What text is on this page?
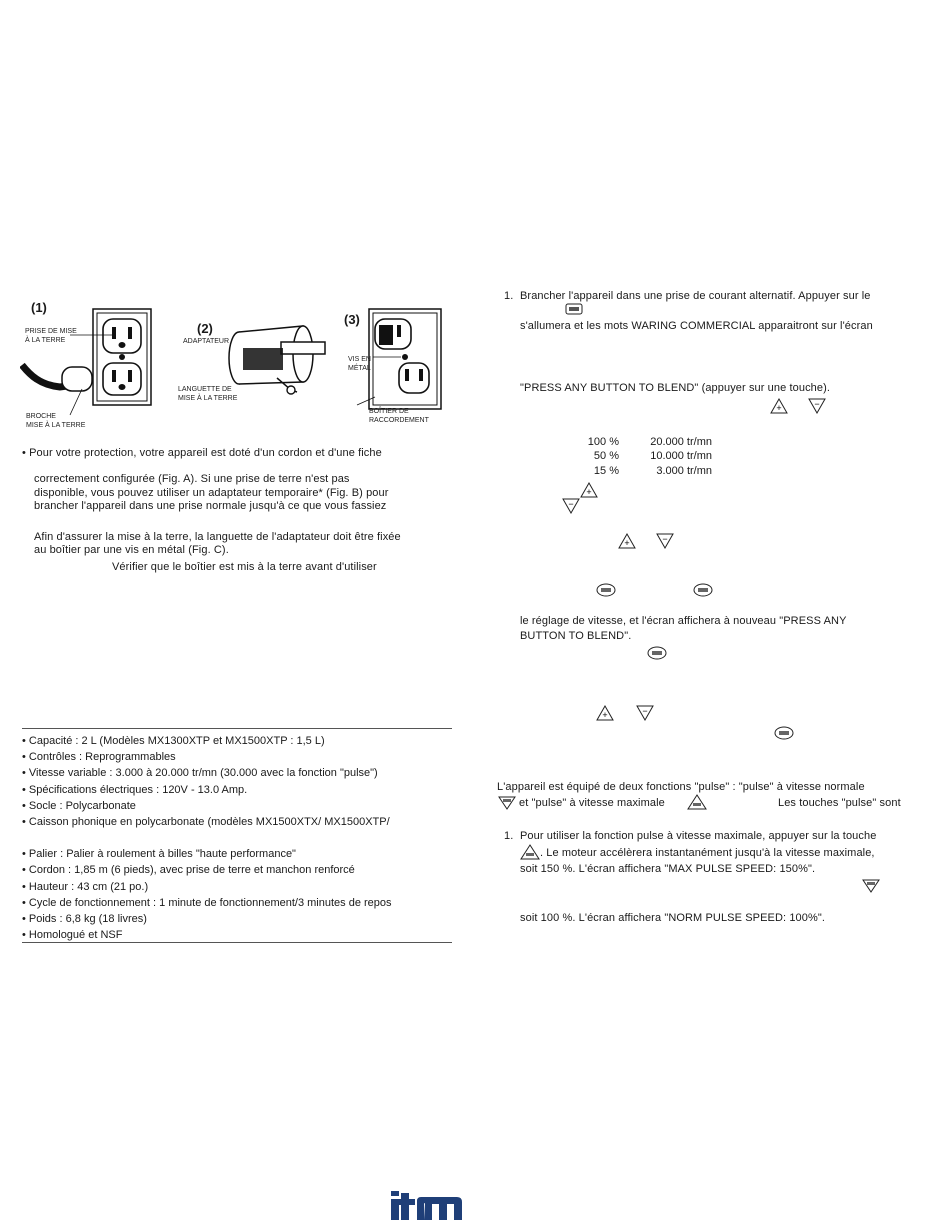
(1)
PRISE DE MISE
À LA TERRE
BROCHE
MISE À LA TERRE
(2)
ADAPTATEUR
LANGUETTE DE
MISE À LA TERRE
(3)
VIS EN
MÉTAL
BOÎTIER DE
RACCORDEMENT
• Pour votre protection, votre appareil est doté d'un cordon et d'une fiche
correctement configurée (Fig. A). Si une prise de terre n'est pas
disponible, vous pouvez utiliser un adaptateur temporaire* (Fig. B) pour
brancher l'appareil dans une prise normale jusqu'à ce que vous fassiez
Afin d'assurer la mise à la terre, la languette de l'adaptateur doit être fixée
au boîtier par une vis en métal (Fig. C).
Vérifier que le boîtier est mis à la terre avant d'utiliser
• Capacité : 2 L (Modèles MX1300XTP et MX1500XTP : 1,5 L)
• Contrôles : Reprogrammables
• Vitesse variable : 3.000 à 20.000 tr/mn (30.000 avec la fonction "pulse")
• Spécifications électriques : 120V - 13.0 Amp.
• Socle : Polycarbonate
• Caisson phonique en polycarbonate (modèles MX1500XTX/ MX1500XTP/
• Palier : Palier à roulement à billes "haute performance"
• Cordon : 1,85 m (6 pieds), avec prise de terre et manchon renforcé
• Hauteur : 43 cm (21 po.)
• Cycle de fonctionnement : 1 minute de fonctionnement/3 minutes de repos
• Poids : 6,8 kg (18 livres)
• Homologué et NSF
1. Brancher l'appareil dans une prise de courant alternatif. Appuyer sur le
s'allumera et les mots WARING COMMERCIAL apparaitront sur l'écran
"PRESS ANY BUTTON TO BLEND" (appuyer sur une touche).
+	−
100 %	20.000 tr/mn
50 %	10.000 tr/mn
15 %	3.000 tr/mn
+
−
+	−
le réglage de vitesse, et l'écran affichera à nouveau "PRESS ANY
BUTTON TO BLEND".
+	−
L'appareil est équipé de deux fonctions "pulse" : "pulse" à vitesse normale
et "pulse" à vitesse maximale	Les touches "pulse" sont
1. Pour utiliser la fonction pulse à vitesse maximale, appuyer sur la touche
. Le moteur accélèrera instantanément jusqu'à la vitesse maximale,
soit 150 %. L'écran affichera "MAX PULSE SPEED: 150%".
soit 100 %. L'écran affichera "NORM PULSE SPEED: 100%".
itm
